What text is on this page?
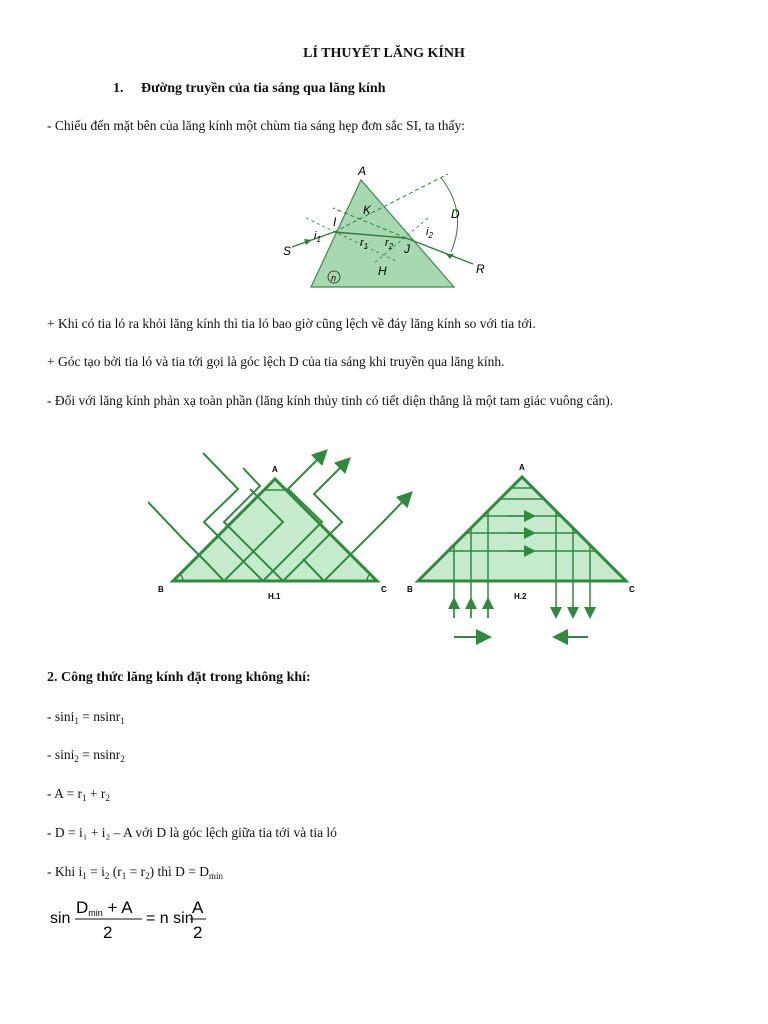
LÍ THUYẾT LĂNG KÍNH
1. Đường truyền của tia sáng qua lăng kính
- Chiếu đến mặt bên của lăng kính một chùm tia sáng hẹp đơn sắc SI, ta thấy:
A
K	D
I
$i_1$	$r_1$ $r_2$
$i_2$
J
S
R
H
n
+ Khi có tia ló ra khỏi lăng kính thì tia ló bao giờ cũng lệch về đáy lăng kính so với tia tới.
+ Góc tạo bởi tia ló và tia tới gọi là góc lệch D của tia sáng khi truyền qua lăng kính.
- Đối với lăng kính phản xạ toàn phần (lăng kính thủy tinh có tiết diện thẳng là một tam giác vuông cân).
A
B	C
H.1
A
B	C
H.2
2. Công thức lăng kính đặt trong không khí:
- sini$_1$ = nsinr$_1$
- sini$_2$ = nsinr$_2$
- $A = r_1 + r_2$
- D = i₁ + i₂ – A với D là góc lệch giữa tia tới và tia ló
- Khi $i_1 = i_2$ $(r_1 = r_2)$ thì $D = D_{min}$
sin
Dmin + A
2
= n sin
A
2
